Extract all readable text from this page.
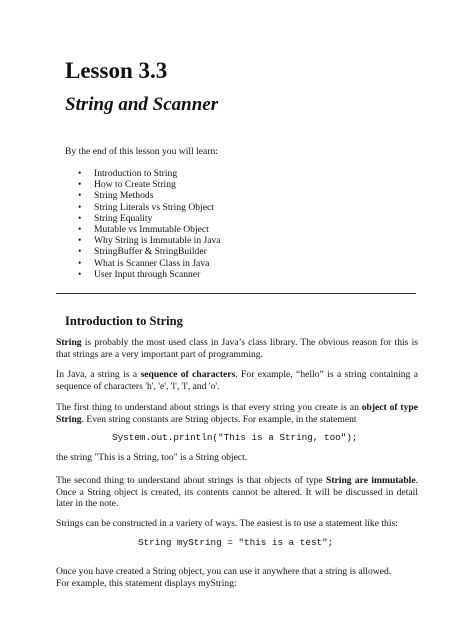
Lesson 3.3
String and Scanner

By the end of this lesson you will learn:

• Introduction to String
• How to Create String
• String Methods
• String Literals vs String Object
• String Equality
• Mutable vs Immutable Object
• Why String is Immutable in Java
• StringBuffer & StringBuilder
• What is Scanner Class in Java
• User Input through Scanner
Introduction to String

String is probably the most used class in Java’s class library. The obvious reason for this is that strings are a very important part of programming.

In Java, a string is a sequence of characters. For example, “hello” is a string containing a sequence of characters 'h', 'e', 'l', 'l', and 'o'.

The first thing to understand about strings is that every string you create is an object of type String. Even string constants are String objects. For example, in the statement

System.out.println("This is a String, too");

the string "This is a String, too" is a String object.

The second thing to understand about strings is that objects of type String are immutable. Once a String object is created, its contents cannot be altered. It will be discussed in detail later in the note.

Strings can be constructed in a variety of ways. The easiest is to use a statement like this:

String myString = "this is a test";

Once you have created a String object, you can use it anywhere that a string is allowed.

For example, this statement displays myString:
